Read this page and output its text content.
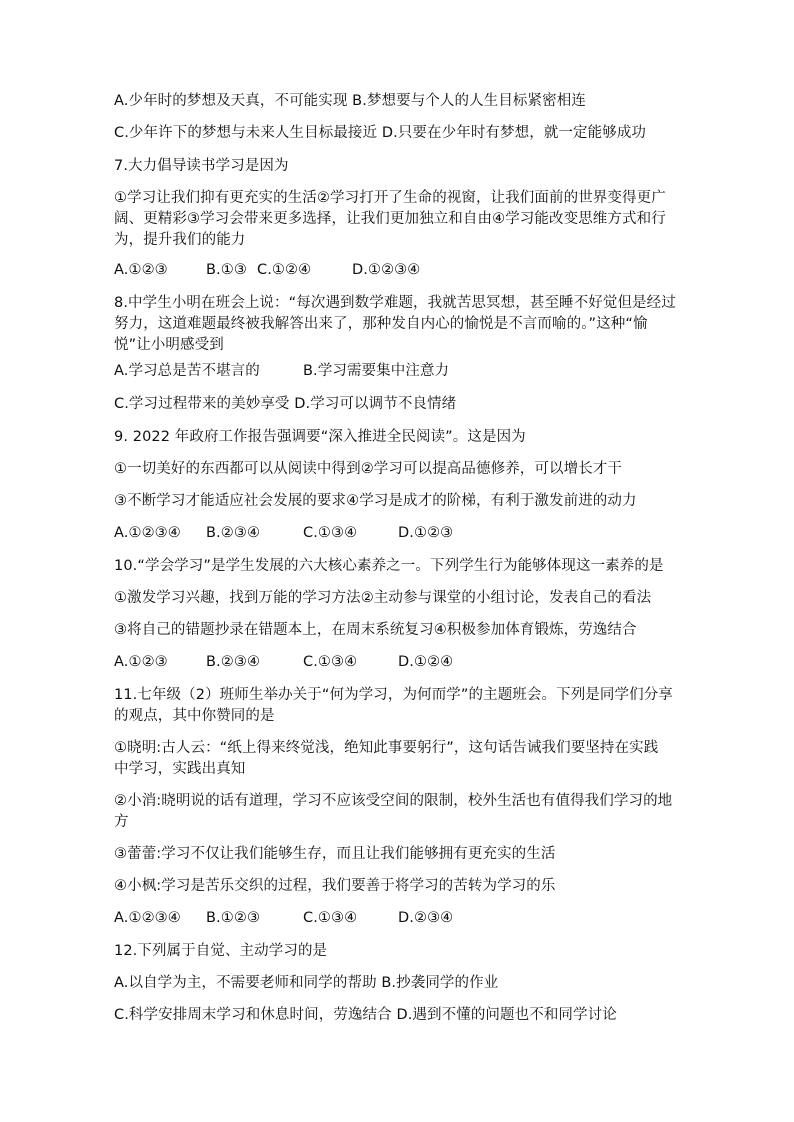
A.少年时的梦想及天真，不可能实现 B.梦想要与个人的人生目标紧密相连
C.少年许下的梦想与未来人生目标最接近 D.只要在少年时有梦想，就一定能够成功
7.大力倡导读书学习是因为
①学习让我们抑有更充实的生活②学习打开了生命的视窗，让我们面前的世界变得更广
阔、更精彩③学习会带来更多选择，让我们更加独立和自由④学习能改变思维方式和行
为，提升我们的能力
A.①②③	B.①③ C.①②④	D.①②③④
8.中学生小明在班会上说：“每次遇到数学难题，我就苦思冥想，甚至睡不好觉但是经过
努力，这道难题最终被我解答出来了，那种发自内心的愉悦是不言而喻的。”这种“愉
悦”让小明感受到
A.学习总是苦不堪言的	B.学习需要集中注意力
C.学习过程带来的美妙享受 D.学习可以调节不良情绪
9. 2022 年政府工作报告强调要“深入推进全民阅读”。这是因为
①一切美好的东西都可以从阅读中得到②学习可以提高品德修养，可以增长才干
③不断学习才能适应社会发展的要求④学习是成才的阶梯，有利于激发前进的动力
A.①②③④ B.②③④	C.①③④	D.①②③
10.“学会学习”是学生发展的六大核心素养之一。下列学生行为能够体现这一素养的是
①激发学习兴趣，找到万能的学习方法②主动参与课堂的小组讨论，发表自己的看法
③将自己的错题抄录在错题本上，在周末系统复习④积极参加体育锻炼，劳逸结合
A.①②③	B.②③④	C.①③④	D.①②④
11.七年级（2）班师生举办关于“何为学习，为何而学”的主题班会。下列是同学们分享
的观点，其中你赞同的是
①晓明:古人云：“纸上得来终觉浅，绝知此事要躬行”，这句话告诫我们要坚持在实践
中学习，实践出真知
②小消:晓明说的话有道理，学习不应该受空间的限制，校外生活也有值得我们学习的地
方
③蕾蕾:学习不仅让我们能够生存，而且让我们能够拥有更充实的生活
④小枫:学习是苦乐交织的过程，我们要善于将学习的苦转为学习的乐
A.①②③④ B.①②③	C.①③④	D.②③④
12.下列属于自觉、主动学习的是
A.以自学为主，不需要老师和同学的帮助 B.抄袭同学的作业
C.科学安排周末学习和休息时间，劳逸结合 D.遇到不懂的问题也不和同学讨论
